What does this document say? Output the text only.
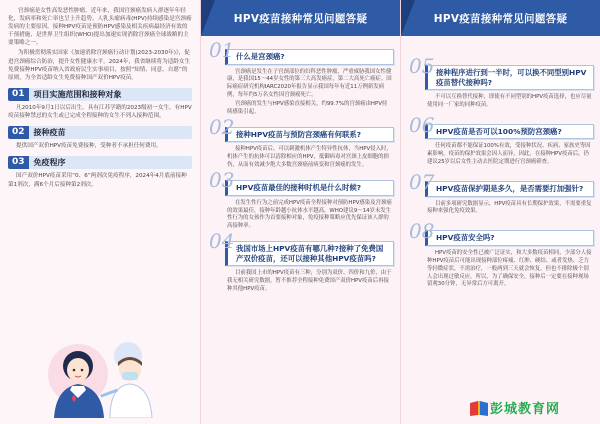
宫颈癌是女性高发恶性肿瘤。近年来，我国宫颈癌发病人群逐年年轻化，发病率和死亡率也呈上升趋势。人乳头瘤病毒(HPV)持续感染是宫颈癌发病的主要原因，接种HPV疫苗是预防HPV感染及相关疾病最经济有效的干预措施，是世界卫生组织(WHO)提出加速实现消除宫颈癌全球战略的主要策略之一。

为积极贯彻落实国家《加速消除宫颈癌行动计划(2023-2030年)》，促进宫颈癌综合防治，提升女性健康水平，2024年，我省继续将为适龄女生免费接种HPV疫苗纳入省政府民生实事项目，按照“知情、同意、自愿”的原则，为全省适龄女生免费接种国产双价HPV疫苗。

01	项目实施范围和接种对象
凡2010年9月1日以后出生，具有江苏学籍的2023级初一女生。有HPV疫苗接种禁忌的女生或已完成全程接种的女生不列入接种范围。
02	接种疫苗
提供国产双价HPV疫苗免费接种，受种者不承担任何费用。
03	免疫程序
国产双价HPV疫苗采用“0、6”两剂次免疫程序，2024年4月底前接种第1剂次，满6个月后接种第2剂次。
HPV疫苗接种常见问题答疑
01 什么是宫颈癌?

宫颈癌是发生在子宫颈部位的妇科恶性肿瘤，严重威胁我国女性健康，是我国15～44岁女性的第三大高发癌症，第二大高死亡癌症。国际癌症研究机构IARC2020年报告显示我国每年有近11万例新发病例，每年约5万名女性因宫颈癌死亡。

宫颈癌的发生与HPV感染直接相关，约99.7%的宫颈癌由HPV持续感染引起。

02 接种HPV疫苗与预防宫颈癌有何联系?

接种HPV疫苗后，可以刺激机体产生特异性抗体，当HPV侵入时，机体产生的抗体可以清除相应的HPV，抵御病毒对宫颈上皮细胞的损伤，从而有效减少绝大多数宫颈癌前病变和宫颈癌的发生。

03 HPV疫苗最佳的接种时机是什么时候?

在发生性行为之前完成HPV疫苗全程接种对预防HPV感染及宫颈癌的效果最佳，接种年龄越小抗体水平越高。WHO建议9～14岁未发生性行为的女孩作为首要接种对象，免疫接种策略应优先保证该人群的高接种率。

04 我国市场上HPV疫苗有哪几种?接种了免费国产双价疫苗，还可以接种其他HPV疫苗吗?

目前我国上市的HPV疫苗有三种，分别为双价、四价和九价，由于我无相关研究数据，暂不推荐全程接种免费国产双价HPV疫苗后再接种其他HPV疫苗。

HPV疫苗接种常见问题答疑
05 接种程序进行到一半时，可以换不同型别HPV疫苗替代接种吗?

不可以互换替代接种，即使有不同型别的HPV疫苗选择，也应尽量使用同一厂家的同种疫苗。

06 HPV疫苗是否可以100%预防宫颈癌?

任何疫苗都不能保证100%有效，受接种状况、疾病、家族史等因素影响，疫苗的保护效果会因人而异，因此，在接种HPV疫苗后，仍建议25岁以后女性主动去医院定期进行宫颈癌筛查。

07 HPV疫苗保护期是多久，是否需要打加强针?

目前多项研究数据显示，HPV疫苗具有长期保护效果，不需要重复接种来强化免疫效果。

08 HPV疫苗安全吗?

HPV疫苗的安全性已被广泛证实，和大多数疫苗相同，少部分人接种HPV疫苗后可能出现接种部位疼痛、红肿、硬结、或者发热、乏力等轻微症状，不需治疗，一般两到三天就会恢复。但也不排除极个别人会出现过敏反应。所以，为了确保安全，接种后一定要在接种现场留观30分钟，无异常后方可离开。

彭城教育网
